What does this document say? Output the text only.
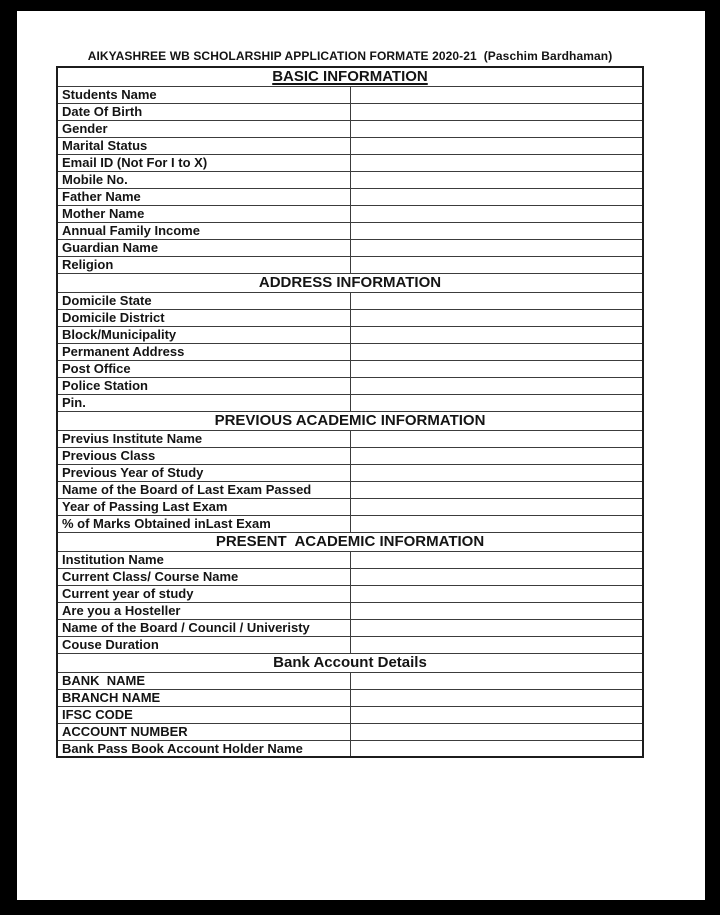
AIKYASHREE WB SCHOLARSHIP APPLICATION FORMATE 2020-21  (Paschim Bardhaman)
BASIC INFORMATION	
Students Name	
Date Of Birth	
Gender	
Marital Status	
Email ID (Not For I to X)	
Mobile No.	
Father Name	
Mother Name	
Annual Family Income	
Guardian Name	
Religion	
ADDRESS INFORMATION	
Domicile State	
Domicile District	
Block/Municipality	
Permanent Address	
Post Office	
Police Station	
Pin.	
PREVIOUS ACADEMIC INFORMATION	
Previus Institute Name	
Previous Class	
Previous Year of Study	
Name of the Board of Last Exam Passed	
Year of Passing Last Exam	
% of Marks Obtained inLast Exam	
PRESENT  ACADEMIC INFORMATION	
Institution Name	
Current Class/ Course Name	
Current year of study	
Are you a Hosteller	
Name of the Board / Council / Univeristy	
Couse Duration	
Bank Account Details	
BANK  NAME	
BRANCH NAME	
IFSC CODE	
ACCOUNT NUMBER	
Bank Pass Book Account Holder Name	
